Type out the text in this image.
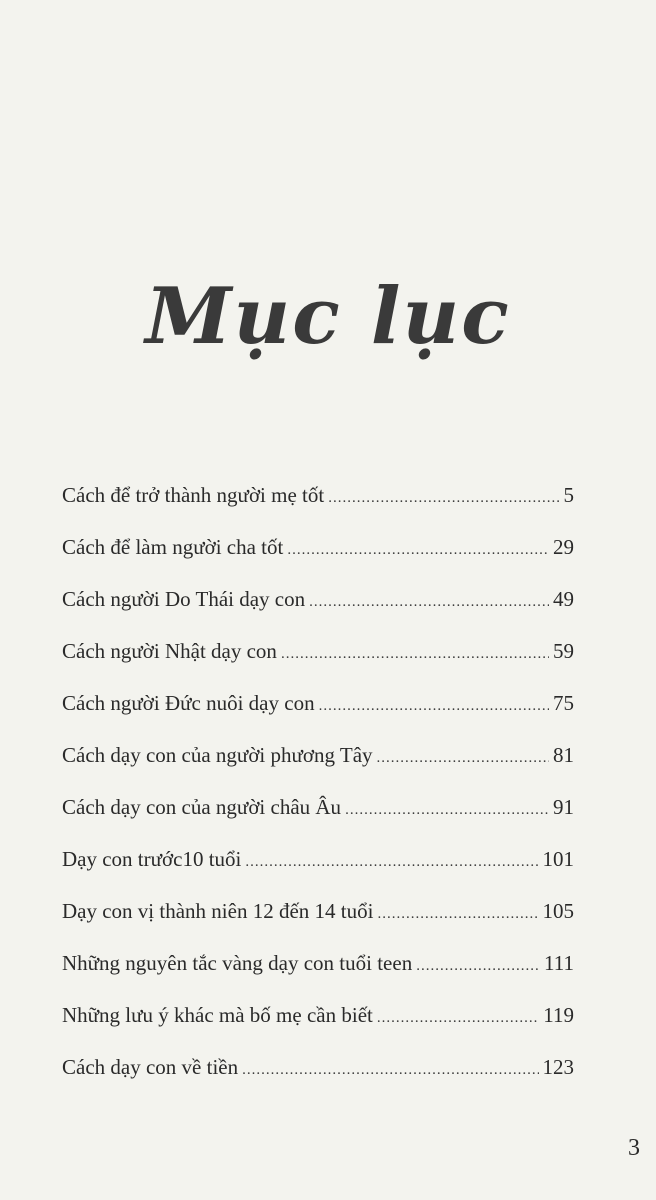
Mục lục
Cách để trở thành người mẹ tốt .....	5
Cách để làm người cha tốt .....	29
Cách người Do Thái dạy con .....	49
Cách người Nhật dạy con .....	59
Cách người Đức nuôi dạy con .....	75
Cách dạy con của người phương Tây .....	81
Cách dạy con của người châu Âu .....	91
Dạy con trước10 tuổi .....	101
Dạy con vị thành niên 12 đến 14 tuổi .....	105
Những nguyên tắc vàng dạy con tuổi teen .....	111
Những lưu ý khác mà bố mẹ cần biết .....	119
Cách dạy con về tiền .....	123
3
